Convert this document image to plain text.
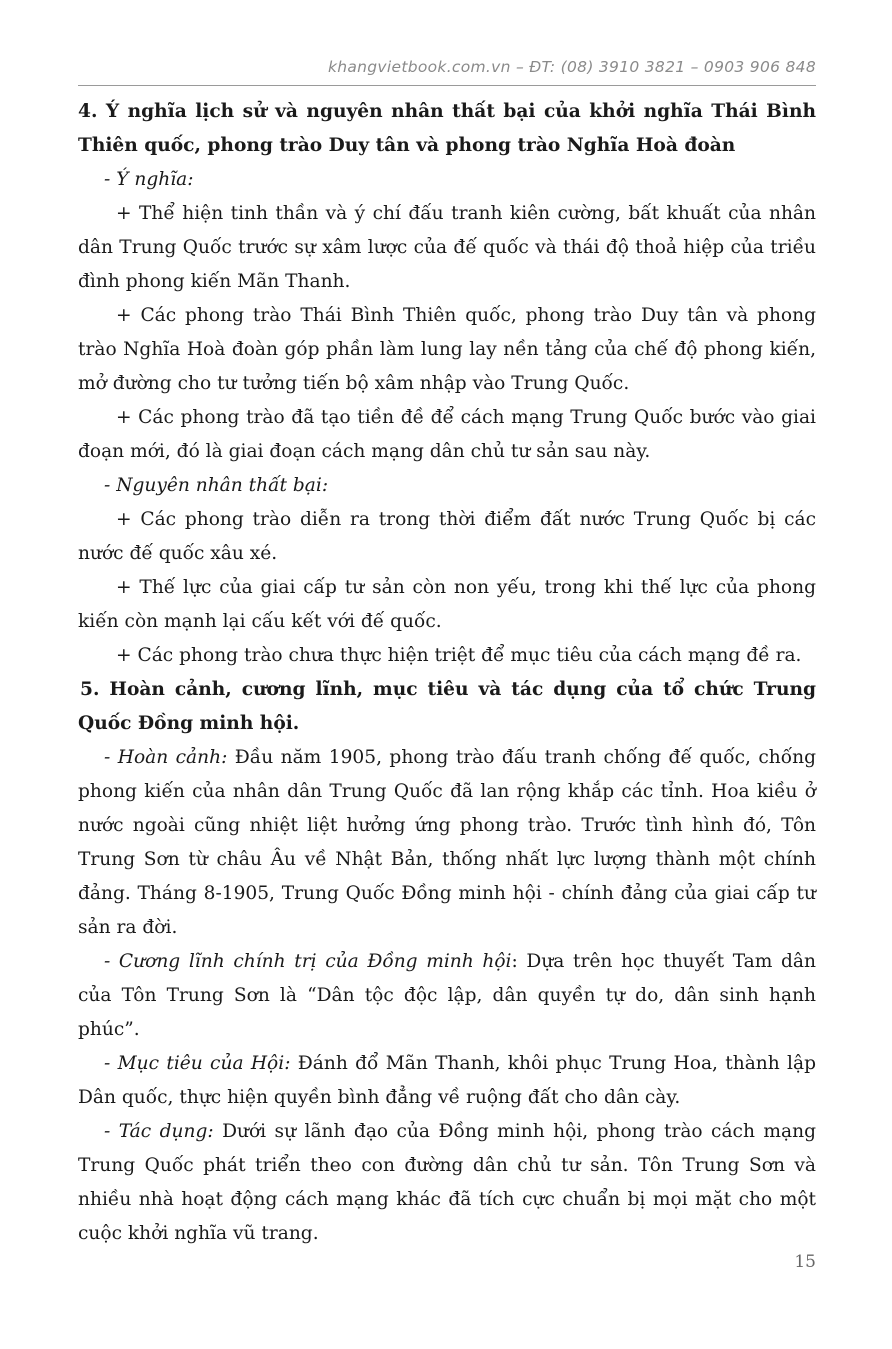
khangvietbook.com.vn – ĐT: (08) 3910 3821 – 0903 906 848

4. Ý nghĩa lịch sử và nguyên nhân thất bại của khởi nghĩa Thái Bình Thiên quốc, phong trào Duy tân và phong trào Nghĩa Hoà đoàn

- Ý nghĩa:

+ Thể hiện tinh thần và ý chí đấu tranh kiên cường, bất khuất của nhân dân Trung Quốc trước sự xâm lược của đế quốc và thái độ thoả hiệp của triều đình phong kiến Mãn Thanh.

+ Các phong trào Thái Bình Thiên quốc, phong trào Duy tân và phong trào Nghĩa Hoà đoàn góp phần làm lung lay nền tảng của chế độ phong kiến, mở đường cho tư tưởng tiến bộ xâm nhập vào Trung Quốc.

+ Các phong trào đã tạo tiền đề để cách mạng Trung Quốc bước vào giai đoạn mới, đó là giai đoạn cách mạng dân chủ tư sản sau này.

- Nguyên nhân thất bại:

+ Các phong trào diễn ra trong thời điểm đất nước Trung Quốc bị các nước đế quốc xâu xé.

+ Thế lực của giai cấp tư sản còn non yếu, trong khi thế lực của phong kiến còn mạnh lại cấu kết với đế quốc.

+ Các phong trào chưa thực hiện triệt để mục tiêu của cách mạng đề ra.

5. Hoàn cảnh, cương lĩnh, mục tiêu và tác dụng của tổ chức Trung Quốc Đồng minh hội.

- Hoàn cảnh: Đầu năm 1905, phong trào đấu tranh chống đế quốc, chống phong kiến của nhân dân Trung Quốc đã lan rộng khắp các tỉnh. Hoa kiều ở nước ngoài cũng nhiệt liệt hưởng ứng phong trào. Trước tình hình đó, Tôn Trung Sơn từ châu Âu về Nhật Bản, thống nhất lực lượng thành một chính đảng. Tháng 8-1905, Trung Quốc Đồng minh hội - chính đảng của giai cấp tư sản ra đời.

- Cương lĩnh chính trị của Đồng minh hội: Dựa trên học thuyết Tam dân của Tôn Trung Sơn là “Dân tộc độc lập, dân quyền tự do, dân sinh hạnh phúc”.

- Mục tiêu của Hội: Đánh đổ Mãn Thanh, khôi phục Trung Hoa, thành lập Dân quốc, thực hiện quyền bình đẳng về ruộng đất cho dân cày.

- Tác dụng: Dưới sự lãnh đạo của Đồng minh hội, phong trào cách mạng Trung Quốc phát triển theo con đường dân chủ tư sản. Tôn Trung Sơn và nhiều nhà hoạt động cách mạng khác đã tích cực chuẩn bị mọi mặt cho một cuộc khởi nghĩa vũ trang.

15
